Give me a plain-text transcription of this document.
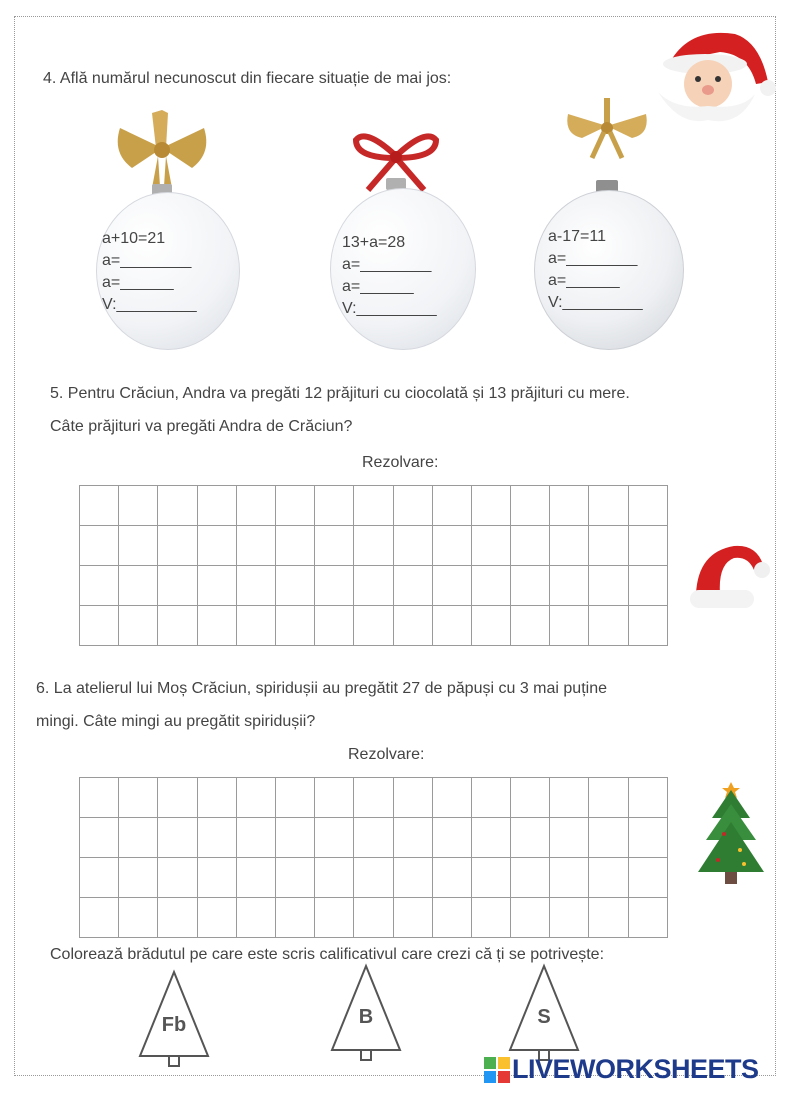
4. Află numărul necunoscut din fiecare situație de mai jos:
a+10=21
a=________
a=______
V:_________
13+a=28
a=________
a=______
V:_________
a-17=11
a=________
a=______
V:_________
5. Pentru Crăciun, Andra va pregăti 12 prăjituri cu ciocolată și 13 prăjituri cu mere.
Câte prăjituri va pregăti Andra de Crăciun?
Rezolvare:

6. La atelierul lui Moș Crăciun, spiridușii au pregătit 27 de păpuși cu 3 mai puține
mingi. Câte mingi au pregătit spiridușii?
Rezolvare:

Colorează brădutul pe care este scris calificativul care crezi că ți se potrivește:
Fb	B	S
LIVEWORKSHEETS
